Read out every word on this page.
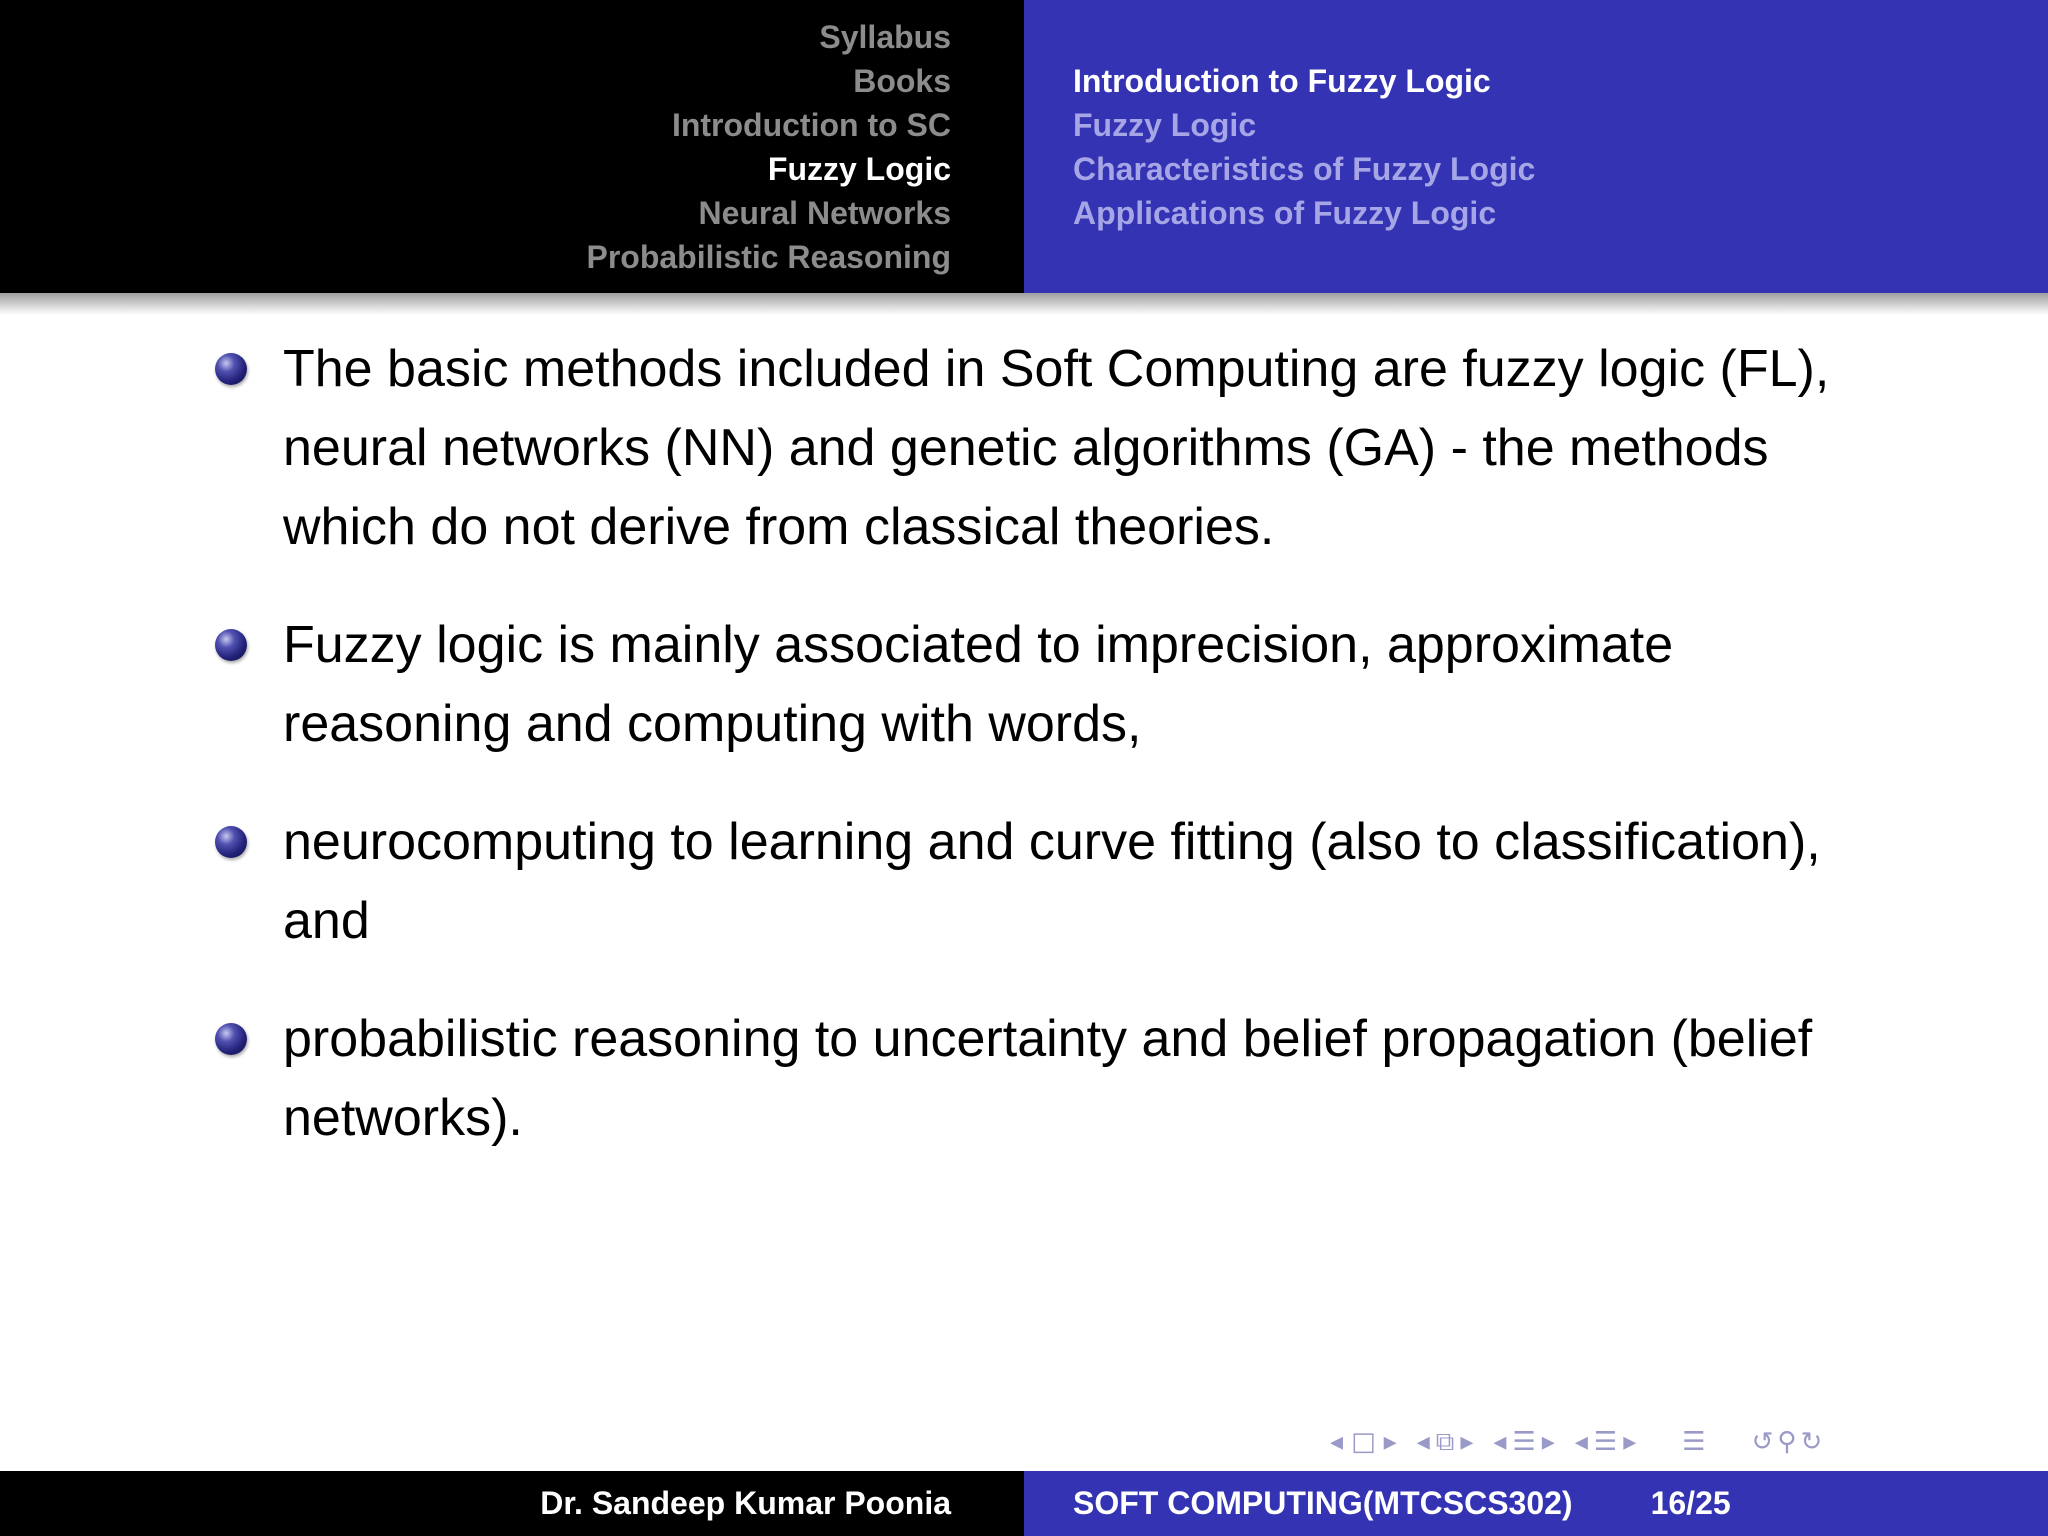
Syllabus
Books
Introduction to SC
Fuzzy Logic
Neural Networks
Probabilistic Reasoning
Introduction to Fuzzy Logic
Fuzzy Logic
Characteristics of Fuzzy Logic
Applications of Fuzzy Logic
The basic methods included in Soft Computing are fuzzy logic (FL), neural networks (NN) and genetic algorithms (GA) - the methods which do not derive from classical theories.
Fuzzy logic is mainly associated to imprecision, approximate reasoning and computing with words,
neurocomputing to learning and curve fitting (also to classification), and
probabilistic reasoning to uncertainty and belief propagation (belief networks).
◂ □ ▸ ◂ ⧉ ▸ ◂ ☰ ▸ ◂ ☰ ▸ ☰ ↺ ⚲ ↻
Dr. Sandeep Kumar Poonia	SOFT COMPUTING(MTCSCS302) 16/25
